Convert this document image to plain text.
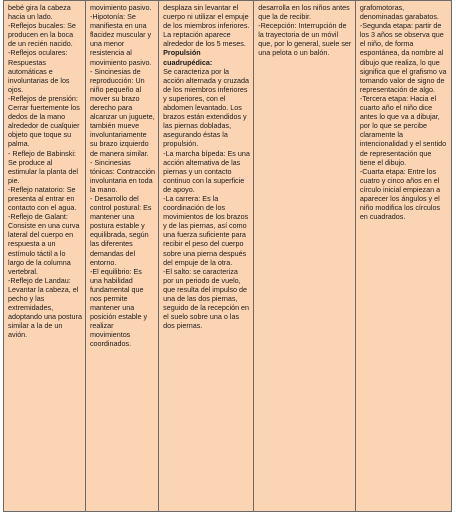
bebé gira la cabeza hacia un lado.
-Reflejos bucales: Se producen en la boca de un recién nacido.
-Reflejos oculares: Respuestas automáticas e involuntarias de los ojos.
-Reflejos de prensión: Cerrar fuertemente los dedos de la mano alrededor de cualquier objeto que toque su palma.
- Reflejo de Babinski: Se produce al estimular la planta del pie.
-Reflejo natatorio: Se presenta al entrar en contacto con el agua.
-Reflejo de Galant: Consiste en una curva lateral del cuerpo en respuesta a un estímulo táctil a lo largo de la columna vertebral.
-Reflejo de Landau: Levantar la cabeza, el pecho y las extremidades, adoptando una postura similar a la de un avión.

movimiento pasivo.
-Hipotonía: Se manifiesta en una flacidez muscular y una menor resistencia al movimiento pasivo.
- Sincinesias de reproducción: Un niño pequeño al mover su brazo derecho para alcanzar un juguete, también mueve involuntariamente su brazo izquierdo de manera similar.
- Sincinesias tónicas: Contracción involuntaria en toda la mano.
- Desarrollo del control postural: Es mantener una postura estable y equilibrada, según las diferentes demandas del entorno.
-El equilibrio: Es una habilidad fundamental que nos permite mantener una posición estable y realizar movimientos coordinados.

desplaza sin levantar el cuerpo ni utilizar el empuje de los miembros inferiores.
La reptación aparece alrededor de los 5 meses.

Propulsión cuadrupédica:

Se caracteriza por la acción alternada y cruzada de los miembros inferiores y superiores, con el abdomen levantado. Los brazos están extendidos y las piernas dobladas, asegurando éstas la propulsión.
-La marcha bípeda: Es una acción alternativa de las piernas y un contacto continuo con la superficie de apoyo.
-La carrera: Es la coordinación de los movimientos de los brazos y de las piernas, así como una fuerza suficiente para recibir el peso del cuerpo sobre una pierna después del empuje de la otra.
-El salto: se caracteriza por un periodo de vuelo, que resulta del impulso de una de las dos piernas, seguido de la recepción en el suelo sobre una o las dos piernas.

desarrolla en los niños antes que la de recibir.
-Recepción: Interrupción de la trayectoria de un móvil que, por lo general, suele ser una pelota o un balón.

grafomotoras, denominadas garabatos.
-Segunda etapa: partir de los 3 años se observa que el niño, de forma espontánea, da nombre al dibujo que realiza, lo que significa que el grafismo va tomando valor de signo de representación de algo.
-Tercera etapa: Hacia el cuarto año el niño dice antes lo que va a dibujar, por lo que se percibe claramente la intencionalidad y el sentido de representación que tiene el dibujo.
-Cuarta etapa: Entre los cuatro y cinco años en el círculo inicial empiezan a aparecer los ángulos y el niño modifica los círculos en cuadrados.
